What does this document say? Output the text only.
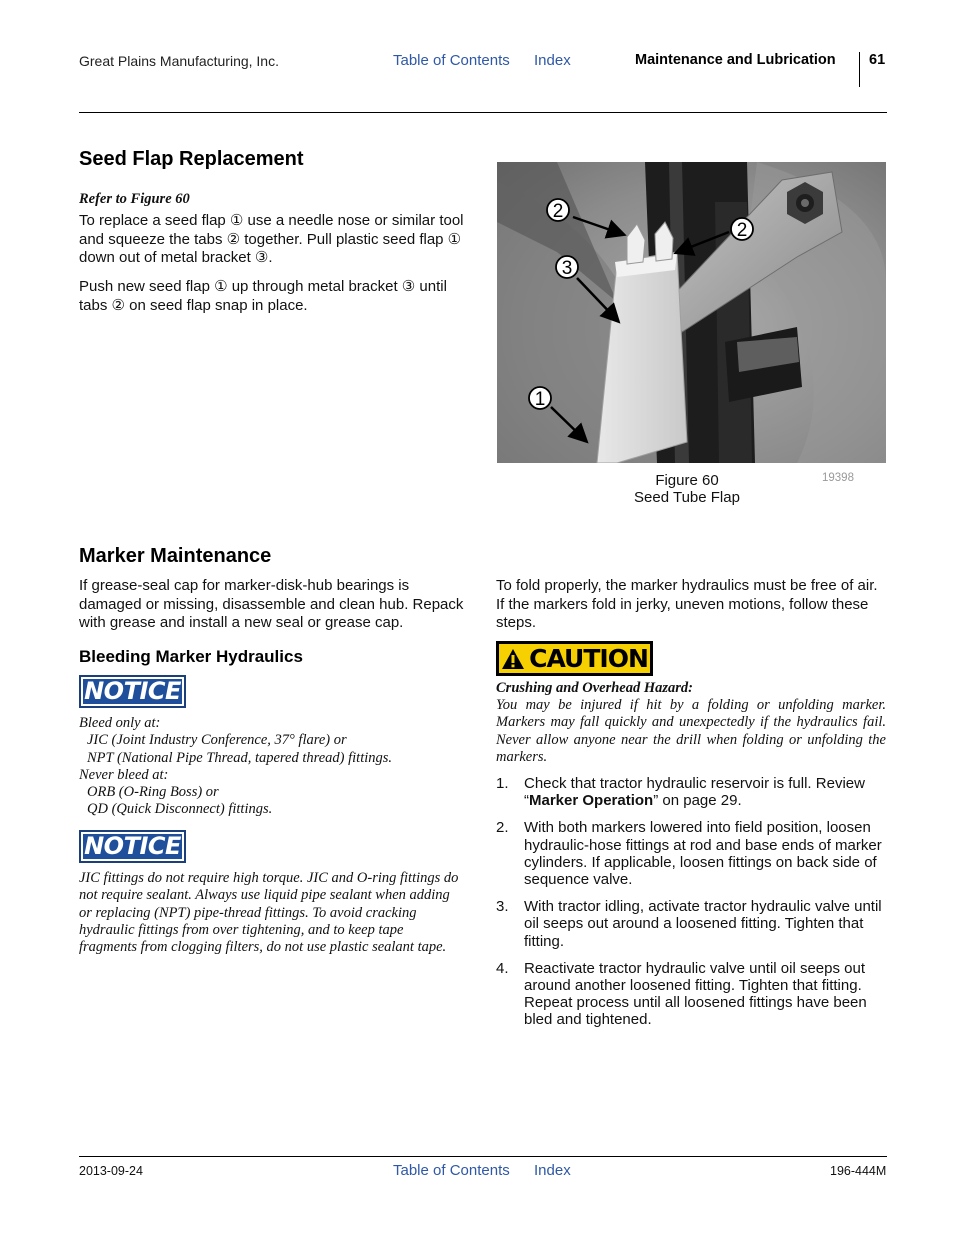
Great Plains Manufacturing, Inc.	Table of Contents Index	Maintenance and Lubrication 61
Seed Flap Replacement
Refer to Figure 60

To replace a seed flap ① use a needle nose or similar tool and squeeze the tabs ② together. Pull plastic seed flap ① down out of metal bracket ③.

Push new seed flap ① up through metal bracket ③ until tabs ② on seed flap snap in place.

2
2
3
1
Figure 60
Seed Tube Flap
19398
Marker Maintenance

If grease-seal cap for marker-disk-hub bearings is damaged or missing, disassemble and clean hub. Repack with grease and install a new seal or grease cap.

Bleeding Marker Hydraulics
NOTICE
Bleed only at:
JIC (Joint Industry Conference, 37° flare) or
NPT (National Pipe Thread, tapered thread) fittings.
Never bleed at:
ORB (O-Ring Boss) or
QD (Quick Disconnect) fittings.
NOTICE
JIC fittings do not require high torque. JIC and O-ring fittings do not require sealant. Always use liquid pipe sealant when adding or replacing (NPT) pipe-thread fittings. To avoid cracking hydraulic fittings from over tightening, and to keep tape fragments from clogging filters, do not use plastic sealant tape.

To fold properly, the marker hydraulics must be free of air. If the markers fold in jerky, uneven motions, follow these steps.

CAUTION
Crushing and Overhead Hazard:
You may be injured if hit by a folding or unfolding marker. Markers may fall quickly and unexpectedly if the hydraulics fail. Never allow anyone near the drill when folding or unfolding the markers.
1.	Check that tractor hydraulic reservoir is full. Review “Marker Operation” on page 29.
2.	With both markers lowered into field position, loosen hydraulic-hose fittings at rod and base ends of marker cylinders. If applicable, loosen fittings on back side of sequence valve.
3.	With tractor idling, activate tractor hydraulic valve until oil seeps out around a loosened fitting. Tighten that fitting.
4.	Reactivate tractor hydraulic valve until oil seeps out around another loosened fitting. Tighten that fitting. Repeat process until all loosened fittings have been bled and tightened.
2013-09-24	Table of Contents Index	196-444M
